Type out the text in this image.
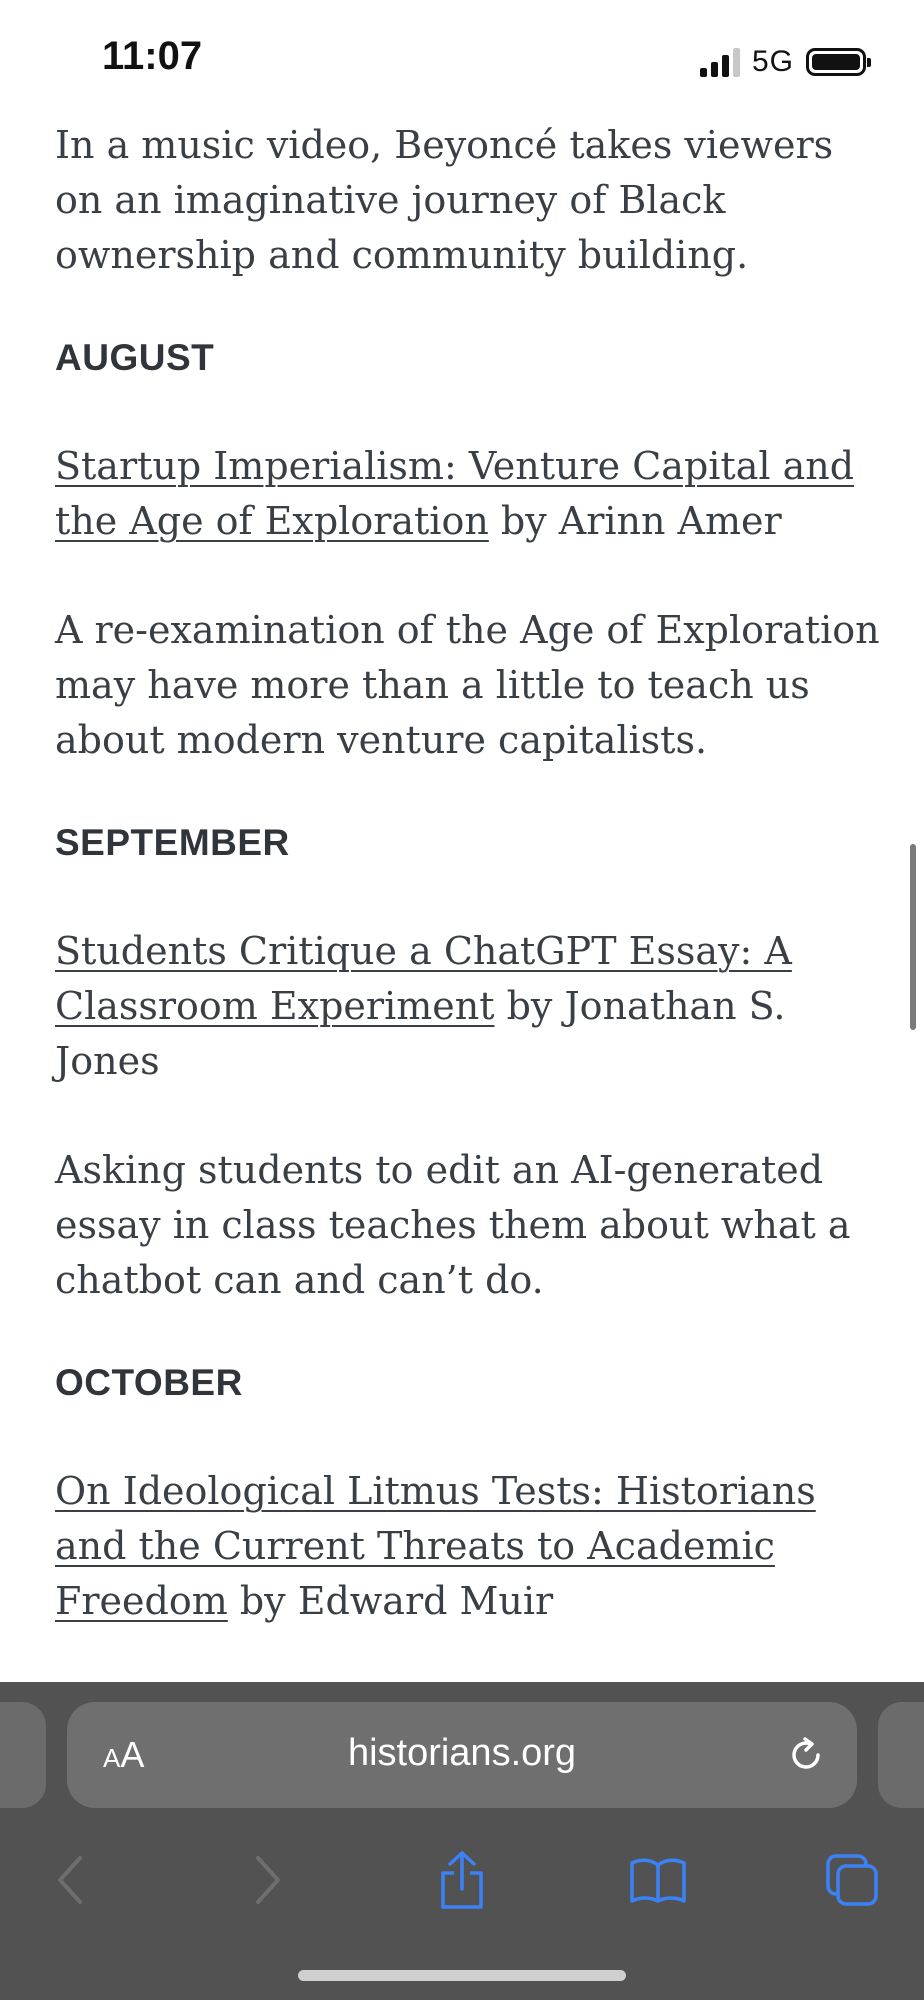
11:07	5G

In a music video, Beyoncé takes viewers on an imaginative journey of Black ownership and community building.

AUGUST

Startup Imperialism: Venture Capital and the Age of Exploration by Arinn Amer

A re-examination of the Age of Exploration may have more than a little to teach us about modern venture capitalists.

SEPTEMBER

Students Critique a ChatGPT Essay: A Classroom Experiment by Jonathan S. Jones

Asking students to edit an AI-generated essay in class teaches them about what a chatbot can and can’t do.

OCTOBER

On Ideological Litmus Tests: Historians and the Current Threats to Academic Freedom by Edward Muir

AA	historians.org
